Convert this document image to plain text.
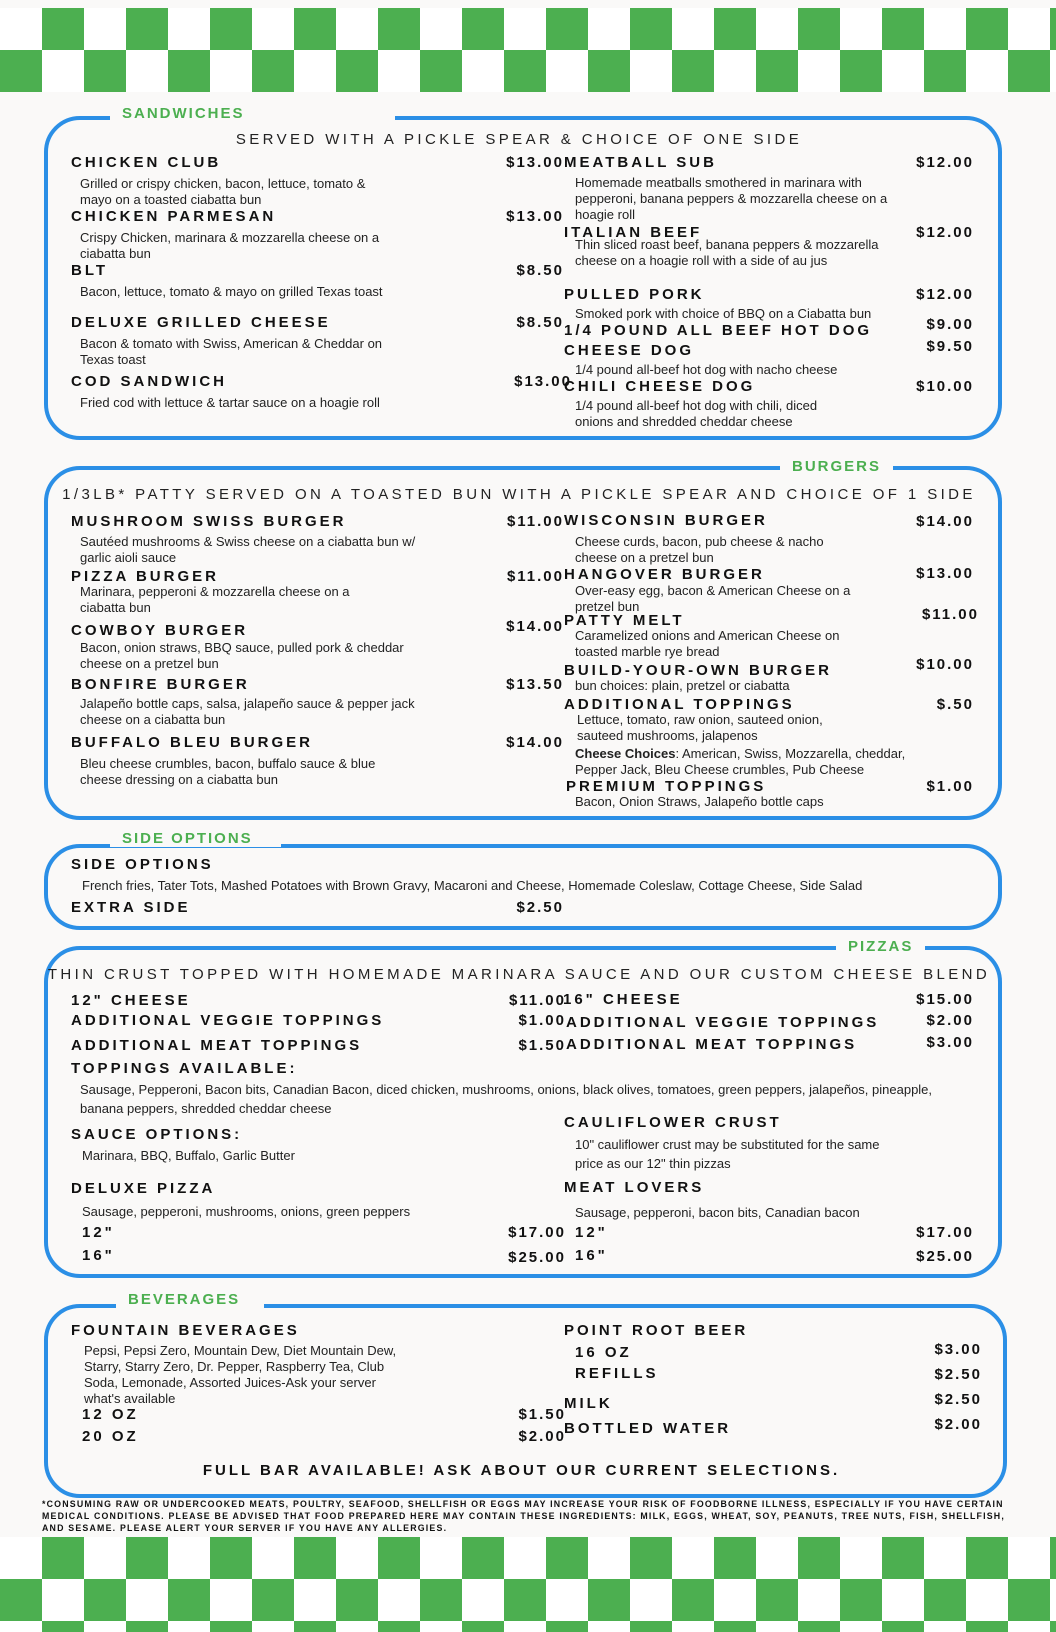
SANDWICHES
SERVED WITH A PICKLE SPEAR & CHOICE OF ONE SIDE
CHICKEN CLUB	$13.00
Grilled or crispy chicken, bacon, lettuce, tomato & mayo on a toasted ciabatta bun
CHICKEN PARMESAN	$13.00
Crispy Chicken, marinara & mozzarella cheese on a ciabatta bun
BLT	$8.50
Bacon, lettuce, tomato & mayo on grilled Texas toast
DELUXE GRILLED CHEESE	$8.50
Bacon & tomato with Swiss, American & Cheddar on Texas toast
COD SANDWICH	$13.00
Fried cod with lettuce & tartar sauce on a hoagie roll
MEATBALL SUB	$12.00
Homemade meatballs smothered in marinara with pepperoni, banana peppers & mozzarella cheese on a hoagie roll
ITALIAN BEEF	$12.00
Thin sliced roast beef, banana peppers & mozzarella cheese on a hoagie roll with a side of au jus
PULLED PORK	$12.00
Smoked pork with choice of BBQ on a Ciabatta bun
1/4 POUND ALL BEEF HOT DOG	$9.00
CHEESE DOG	$9.50
1/4 pound all-beef hot dog with nacho cheese
CHILI CHEESE DOG	$10.00
1/4 pound all-beef hot dog with chili, diced onions and shredded cheddar cheese
BURGERS
1/3LB* PATTY SERVED ON A TOASTED BUN WITH A PICKLE SPEAR AND CHOICE OF 1 SIDE
MUSHROOM SWISS BURGER	$11.00
Sautéed mushrooms & Swiss cheese on a ciabatta bun w/ garlic aioli sauce
PIZZA BURGER	$11.00
Marinara, pepperoni & mozzarella cheese on a ciabatta bun
COWBOY BURGER	$14.00
Bacon, onion straws, BBQ sauce, pulled pork & cheddar cheese on a pretzel bun
BONFIRE BURGER	$13.50
Jalapeño bottle caps, salsa, jalapeño sauce & pepper jack cheese on a ciabatta bun
BUFFALO BLEU BURGER	$14.00
Bleu cheese crumbles, bacon, buffalo sauce & blue cheese dressing on a ciabatta bun
WISCONSIN BURGER	$14.00
Cheese curds, bacon, pub cheese & nacho cheese on a pretzel bun
HANGOVER BURGER	$13.00
Over-easy egg, bacon & American Cheese on a pretzel bun
PATTY MELT	$11.00
Caramelized onions and American Cheese on toasted marble rye bread
BUILD-YOUR-OWN BURGER	$10.00
bun choices: plain, pretzel or ciabatta
ADDITIONAL TOPPINGS	$.50
Lettuce, tomato, raw onion, sauteed onion, sauteed mushrooms, jalapenos
Cheese Choices: American, Swiss, Mozzarella, cheddar, Pepper Jack, Bleu Cheese crumbles, Pub Cheese
PREMIUM TOPPINGS	$1.00
Bacon, Onion Straws, Jalapeño bottle caps
SIDE OPTIONS
SIDE OPTIONS
French fries, Tater Tots, Mashed Potatoes with Brown Gravy, Macaroni and Cheese, Homemade Coleslaw, Cottage Cheese, Side Salad
EXTRA SIDE	$2.50
PIZZAS
THIN CRUST TOPPED WITH HOMEMADE MARINARA SAUCE AND OUR CUSTOM CHEESE BLEND
12" CHEESE	$11.00
ADDITIONAL VEGGIE TOPPINGS	$1.00
ADDITIONAL MEAT TOPPINGS	$1.50
16" CHEESE	$15.00
ADDITIONAL VEGGIE TOPPINGS	$2.00
ADDITIONAL MEAT TOPPINGS	$3.00
TOPPINGS AVAILABLE:
Sausage, Pepperoni, Bacon bits, Canadian Bacon, diced chicken, mushrooms, onions, black olives, tomatoes, green peppers, jalapeños, pineapple, banana peppers, shredded cheddar cheese
SAUCE OPTIONS:
Marinara, BBQ, Buffalo, Garlic Butter
CAULIFLOWER CRUST
10" cauliflower crust may be substituted for the same price as our 12" thin pizzas
DELUXE PIZZA
Sausage, pepperoni, mushrooms, onions, green peppers
12"	$17.00
16"	$25.00
MEAT LOVERS
Sausage, pepperoni, bacon bits, Canadian bacon
12"	$17.00
16"	$25.00
BEVERAGES
FOUNTAIN BEVERAGES
Pepsi, Pepsi Zero, Mountain Dew, Diet Mountain Dew, Starry, Starry Zero, Dr. Pepper, Raspberry Tea, Club Soda, Lemonade, Assorted Juices-Ask your server what's available
12 OZ	$1.50
20 OZ	$2.00
POINT ROOT BEER
16 OZ	$3.00
REFILLS	$2.50
MILK	$2.50
BOTTLED WATER	$2.00
FULL BAR AVAILABLE! ASK ABOUT OUR CURRENT SELECTIONS.
*CONSUMING RAW OR UNDERCOOKED MEATS, POULTRY, SEAFOOD, SHELLFISH OR EGGS MAY INCREASE YOUR RISK OF FOODBORNE ILLNESS, ESPECIALLY IF YOU HAVE CERTAIN MEDICAL CONDITIONS. PLEASE BE ADVISED THAT FOOD PREPARED HERE MAY CONTAIN THESE INGREDIENTS: MILK, EGGS, WHEAT, SOY, PEANUTS, TREE NUTS, FISH, SHELLFISH, AND SESAME. PLEASE ALERT YOUR SERVER IF YOU HAVE ANY ALLERGIES.
